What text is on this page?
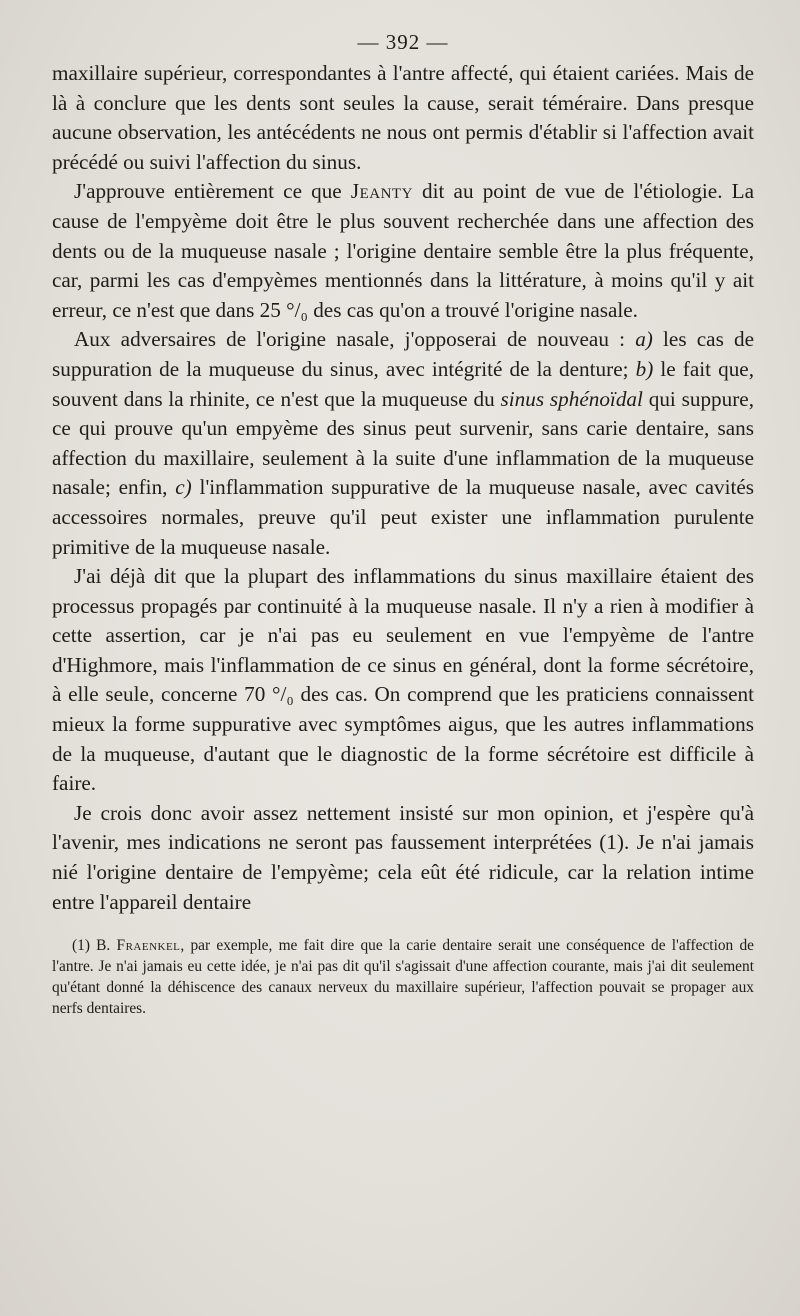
— 392 —

maxillaire supérieur, correspondantes à l'antre affecté, qui étaient cariées. Mais de là à conclure que les dents sont seules la cause, serait téméraire. Dans presque aucune observation, les antécédents ne nous ont permis d'établir si l'affection avait précédé ou suivi l'affection du sinus.

J'approuve entièrement ce que Jeanty dit au point de vue de l'étiologie. La cause de l'empyème doit être le plus souvent recherchée dans une affection des dents ou de la muqueuse nasale ; l'origine dentaire semble être la plus fréquente, car, parmi les cas d'empyèmes mentionnés dans la littérature, à moins qu'il y ait erreur, ce n'est que dans 25 °/₀ des cas qu'on a trouvé l'origine nasale.

Aux adversaires de l'origine nasale, j'opposerai de nouveau : a) les cas de suppuration de la muqueuse du sinus, avec intégrité de la denture; b) le fait que, souvent dans la rhinite, ce n'est que la muqueuse du sinus sphénoïdal qui suppure, ce qui prouve qu'un empyème des sinus peut survenir, sans carie dentaire, sans affection du maxillaire, seulement à la suite d'une inflammation de la muqueuse nasale; enfin, c) l'inflammation suppurative de la muqueuse nasale, avec cavités accessoires normales, preuve qu'il peut exister une inflammation purulente primitive de la muqueuse nasale.

J'ai déjà dit que la plupart des inflammations du sinus maxillaire étaient des processus propagés par continuité à la muqueuse nasale. Il n'y a rien à modifier à cette assertion, car je n'ai pas eu seulement en vue l'empyème de l'antre d'Highmore, mais l'inflammation de ce sinus en général, dont la forme sécrétoire, à elle seule, concerne 70 °/₀ des cas. On comprend que les praticiens connaissent mieux la forme suppurative avec symptômes aigus, que les autres inflammations de la muqueuse, d'autant que le diagnostic de la forme sécrétoire est difficile à faire.

Je crois donc avoir assez nettement insisté sur mon opinion, et j'espère qu'à l'avenir, mes indications ne seront pas faussement interprétées (1). Je n'ai jamais nié l'origine dentaire de l'empyème; cela eût été ridicule, car la relation intime entre l'appareil dentaire

(1) B. Fraenkel, par exemple, me fait dire que la carie dentaire serait une conséquence de l'affection de l'antre. Je n'ai jamais eu cette idée, je n'ai pas dit qu'il s'agissait d'une affection courante, mais j'ai dit seulement qu'étant donné la déhiscence des canaux nerveux du maxillaire supérieur, l'affection pouvait se propager aux nerfs dentaires.
